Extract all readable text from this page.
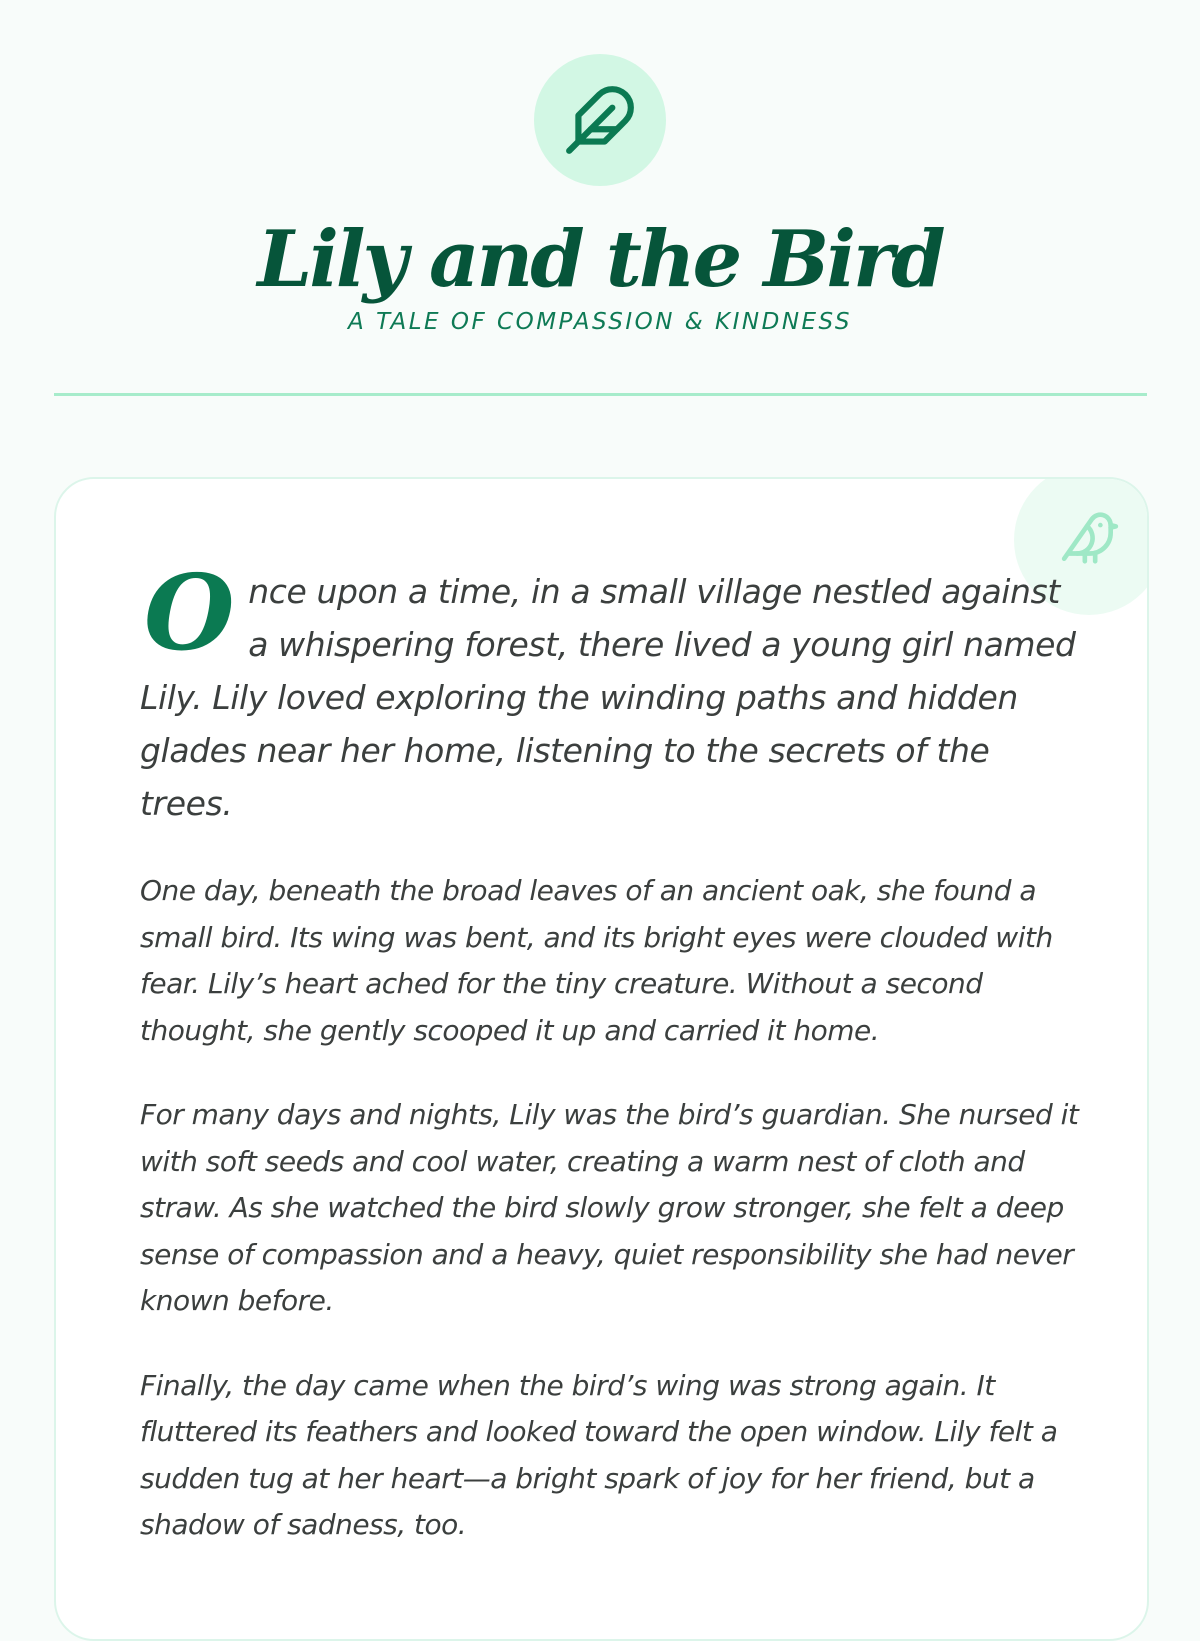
Lily and the Bird

A TALE OF COMPASSION & KINDNESS

Once upon a time, in a small village nestled against a whispering forest, there lived a young girl named Lily. Lily loved exploring the winding paths and hidden glades near her home, listening to the secrets of the trees.

One day, beneath the broad leaves of an ancient oak, she found a small bird. Its wing was bent, and its bright eyes were clouded with fear. Lily’s heart ached for the tiny creature. Without a second thought, she gently scooped it up and carried it home.

For many days and nights, Lily was the bird’s guardian. She nursed it with soft seeds and cool water, creating a warm nest of cloth and straw. As she watched the bird slowly grow stronger, she felt a deep sense of compassion and a heavy, quiet responsibility she had never known before.

Finally, the day came when the bird’s wing was strong again. It fluttered its feathers and looked toward the open window. Lily felt a sudden tug at her heart—a bright spark of joy for her friend, but a shadow of sadness, too.
